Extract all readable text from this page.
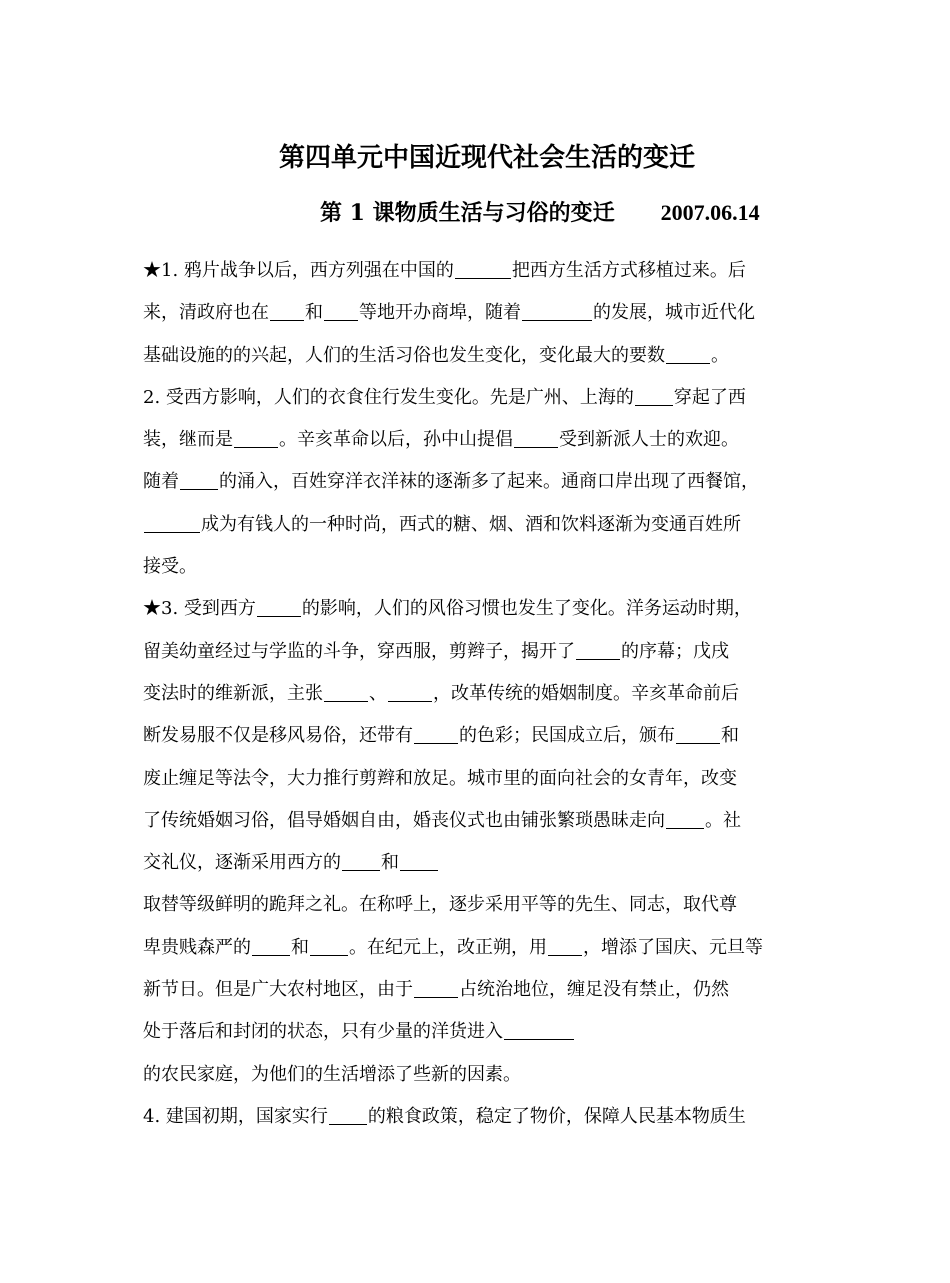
第四单元中国近现代社会生活的变迁
第 1 课物质生活与习俗的变迁 2007.06.14
★1. 鸦片战争以后，西方列强在中国的	把西方生活方式移植过来。后
来，清政府也在 和 等地开办商埠，随着	的发展，城市近代化
基础设施的的兴起，人们的生活习俗也发生变化，变化最大的要数	。
2. 受西方影响，人们的衣食住行发生变化。先是广州、上海的 穿起了西
装，继而是	。辛亥革命以后，孙中山提倡	受到新派人士的欢迎。
随着 的涌入，百姓穿洋衣洋袜的逐渐多了起来。通商口岸出现了西餐馆，
成为有钱人的一种时尚，西式的糖、烟、酒和饮料逐渐为变通百姓所
接受。
★3. 受到西方	的影响，人们的风俗习惯也发生了变化。洋务运动时期，
留美幼童经过与学监的斗争，穿西服，剪辫子，揭开了	的序幕；戊戌
变法时的维新派，主张	、	，改革传统的婚姻制度。辛亥革命前后
断发易服不仅是移风易俗，还带有	的色彩；民国成立后，颁布	和
废止缠足等法令，大力推行剪辫和放足。城市里的面向社会的女青年，改变
了传统婚姻习俗，倡导婚姻自由，婚丧仪式也由铺张繁琐愚昧走向 。社
交礼仪，逐渐采用西方的 和
取替等级鲜明的跪拜之礼。在称呼上，逐步采用平等的先生、同志，取代尊
卑贵贱森严的 和 。在纪元上，改正朔，用 ，增添了国庆、元旦等
新节日。但是广大农村地区，由于	占统治地位，缠足没有禁止，仍然
处于落后和封闭的状态，只有少量的洋货进入
的农民家庭，为他们的生活增添了些新的因素。
4. 建国初期，国家实行 的粮食政策，稳定了物价，保障人民基本物质生
